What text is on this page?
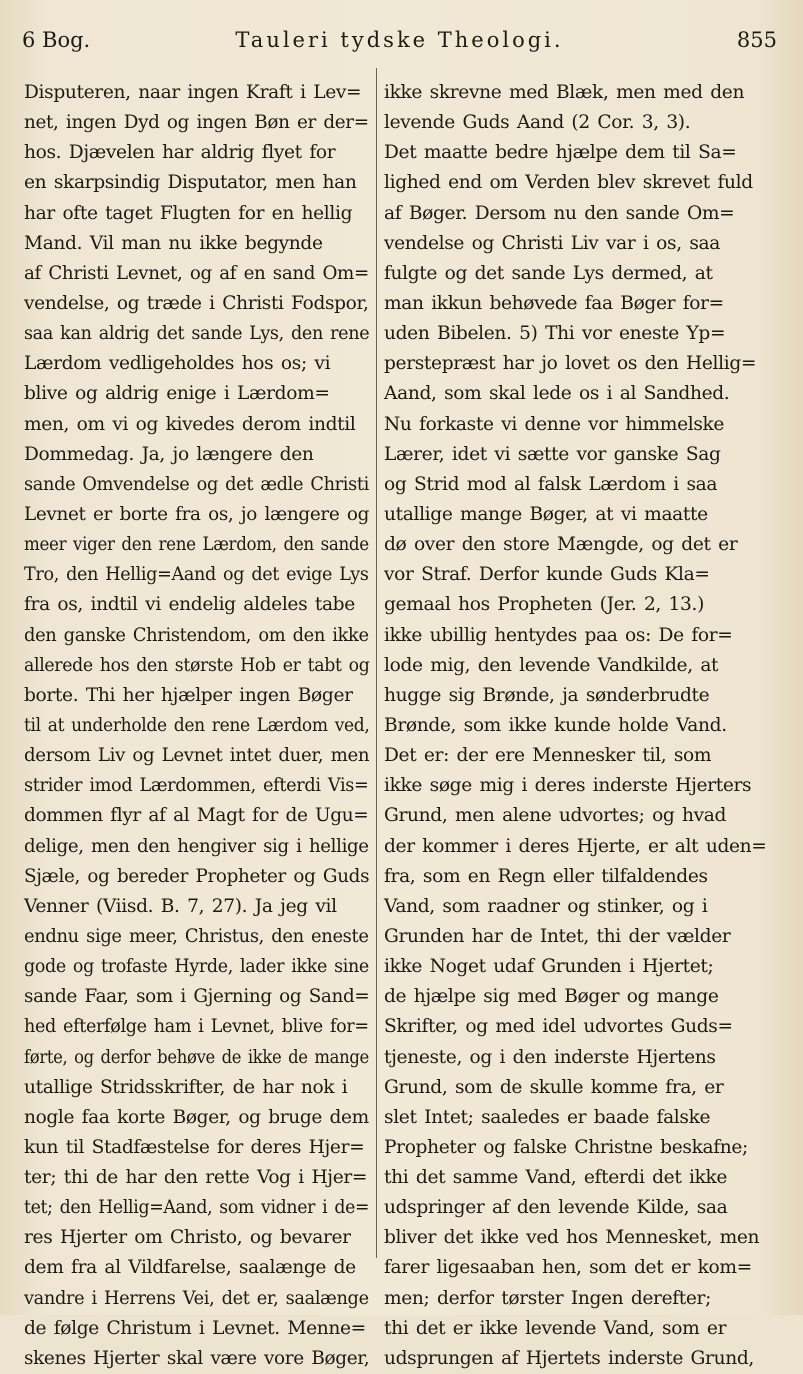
6 Bog.	Tauleri tydske Theologi.	855
Disputeren, naar ingen Kraft i Lev=
net, ingen Dyd og ingen Bøn er der=
hos. Djævelen har aldrig flyet for
en skarpsindig Disputator, men han
har ofte taget Flugten for en hellig
Mand. Vil man nu ikke begynde
af Christi Levnet, og af en sand Om=
vendelse, og træde i Christi Fodspor,
saa kan aldrig det sande Lys, den rene
Lærdom vedligeholdes hos os; vi
blive og aldrig enige i Lærdom=
men, om vi og kivedes derom indtil
Dommedag. Ja, jo længere den
sande Omvendelse og det ædle Christi
Levnet er borte fra os, jo længere og
meer viger den rene Lærdom, den sande
Tro, den Hellig=Aand og det evige Lys
fra os, indtil vi endelig aldeles tabe
den ganske Christendom, om den ikke
allerede hos den største Hob er tabt og
borte. Thi her hjælper ingen Bøger
til at underholde den rene Lærdom ved,
dersom Liv og Levnet intet duer, men
strider imod Lærdommen, efterdi Vis=
dommen flyr af al Magt for de Ugu=
delige, men den hengiver sig i hellige
Sjæle, og bereder Propheter og Guds
Venner (Viisd. B. 7, 27). Ja jeg vil
endnu sige meer, Christus, den eneste
gode og trofaste Hyrde, lader ikke sine
sande Faar, som i Gjerning og Sand=
hed efterfølge ham i Levnet, blive for=
førte, og derfor behøve de ikke de mange
utallige Stridsskrifter, de har nok i
nogle faa korte Bøger, og bruge dem
kun til Stadfæstelse for deres Hjer=
ter; thi de har den rette Vog i Hjer=
tet; den Hellig=Aand, som vidner i de=
res Hjerter om Christo, og bevarer
dem fra al Vildfarelse, saalænge de
vandre i Herrens Vei, det er, saalænge
de følge Christum i Levnet. Menne=
skenes Hjerter skal være vore Bøger,
ikke skrevne med Blæk, men med den
levende Guds Aand (2 Cor. 3, 3).
Det maatte bedre hjælpe dem til Sa=
lighed end om Verden blev skrevet fuld
af Bøger. Dersom nu den sande Om=
vendelse og Christi Liv var i os, saa
fulgte og det sande Lys dermed, at
man ikkun behøvede faa Bøger for=
uden Bibelen. 5) Thi vor eneste Yp=
perstepræst har jo lovet os den Hellig=
Aand, som skal lede os i al Sandhed.
Nu forkaste vi denne vor himmelske
Lærer, idet vi sætte vor ganske Sag
og Strid mod al falsk Lærdom i saa
utallige mange Bøger, at vi maatte
dø over den store Mængde, og det er
vor Straf. Derfor kunde Guds Kla=
gemaal hos Propheten (Jer. 2, 13.)
ikke ubillig hentydes paa os: De for=
lode mig, den levende Vandkilde, at
hugge sig Brønde, ja sønderbrudte
Brønde, som ikke kunde holde Vand.
Det er: der ere Mennesker til, som
ikke søge mig i deres inderste Hjerters
Grund, men alene udvortes; og hvad
der kommer i deres Hjerte, er alt uden=
fra, som en Regn eller tilfaldendes
Vand, som raadner og stinker, og i
Grunden har de Intet, thi der vælder
ikke Noget udaf Grunden i Hjertet;
de hjælpe sig med Bøger og mange
Skrifter, og med idel udvortes Guds=
tjeneste, og i den inderste Hjertens
Grund, som de skulle komme fra, er
slet Intet; saaledes er baade falske
Propheter og falske Christne beskafne;
thi det samme Vand, efterdi det ikke
udspringer af den levende Kilde, saa
bliver det ikke ved hos Mennesket, men
farer ligesaaban hen, som det er kom=
men; derfor tørster Ingen derefter;
thi det er ikke levende Vand, som er
udsprungen af Hjertets inderste Grund,
